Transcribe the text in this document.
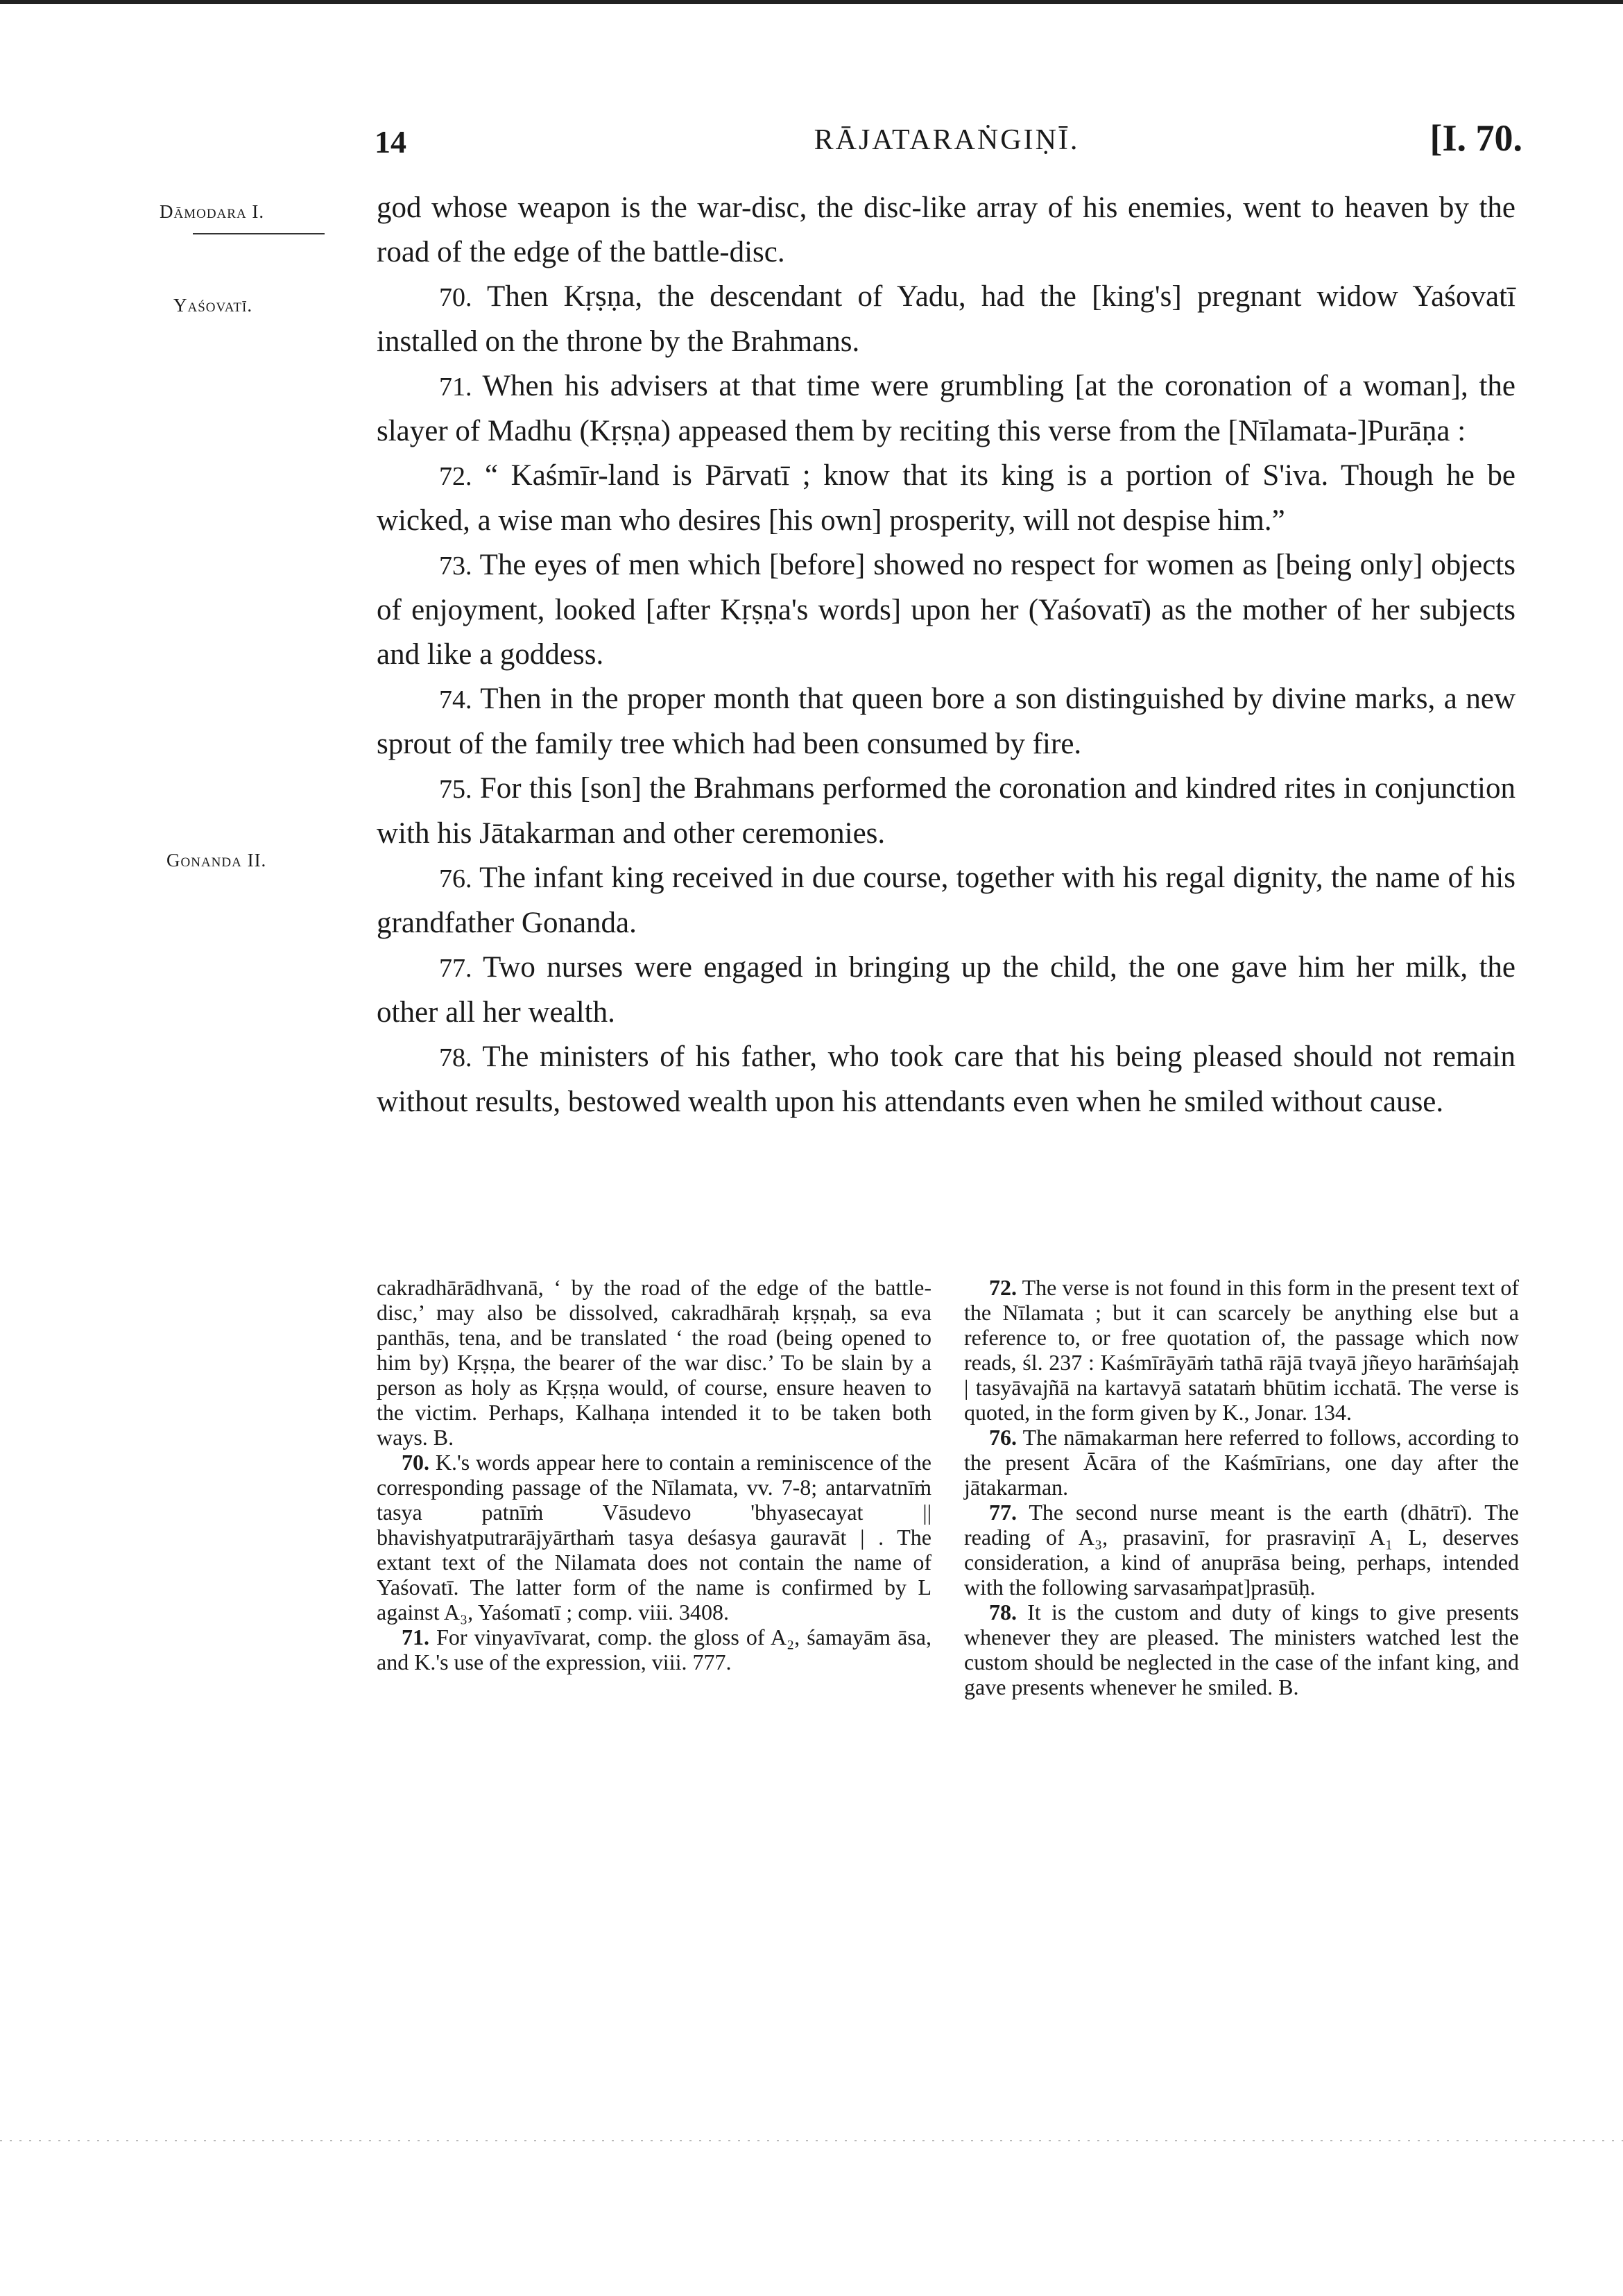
14	RĀJATARAṄGIṆĪ.	[I. 70.
Dāmodara I.
Yaśovatī.
Gonanda II.

god whose weapon is the war-disc, the disc-like array of his enemies, went to heaven by the road of the edge of the battle-disc.

70. Then Kṛṣṇa, the descendant of Yadu, had the [king's] pregnant widow Yaśovatī installed on the throne by the Brahmans.

71. When his advisers at that time were grumbling [at the coronation of a woman], the slayer of Madhu (Kṛṣṇa) appeased them by reciting this verse from the [Nīlamata-]Purāṇa :

72. “ Kaśmīr-land is Pārvatī ; know that its king is a portion of S'iva. Though he be wicked, a wise man who desires [his own] prosperity, will not despise him.”

73. The eyes of men which [before] showed no respect for women as [being only] objects of enjoyment, looked [after Kṛṣṇa's words] upon her (Yaśovatī) as the mother of her subjects and like a goddess.

74. Then in the proper month that queen bore a son distinguished by divine marks, a new sprout of the family tree which had been consumed by fire.

75. For this [son] the Brahmans performed the coronation and kindred rites in conjunction with his Jātakarman and other ceremonies.

76. The infant king received in due course, together with his regal dignity, the name of his grandfather Gonanda.

77. Two nurses were engaged in bringing up the child, the one gave him her milk, the other all her wealth.

78. The ministers of his father, who took care that his being pleased should not remain without results, bestowed wealth upon his attendants even when he smiled without cause.

cakradhārādhvanā, ‘ by the road of the edge of the battle-disc,’ may also be dissolved, cakradhāraḥ kṛṣṇaḥ, sa eva panthās, tena, and be translated ‘ the road (being opened to him by) Kṛṣṇa, the bearer of the war disc.’ To be slain by a person as holy as Kṛṣṇa would, of course, ensure heaven to the victim. Perhaps, Kalhaṇa intended it to be taken both ways. B.

70. K.'s words appear here to contain a reminiscence of the corresponding passage of the Nīlamata, vv. 7-8; antarvatnīṁ tasya patnīṁ Vāsudevo 'bhyasecayat || bhavishyatputrarājyārthaṁ tasya deśasya gauravāt | . The extant text of the Nilamata does not contain the name of Yaśovatī. The latter form of the name is confirmed by L against A₃, Yaśomatī ; comp. viii. 3408.

71. For vinyavīvarat, comp. the gloss of A₂, śamayām āsa, and K.'s use of the expression, viii. 777.

72. The verse is not found in this form in the present text of the Nīlamata ; but it can scarcely be anything else but a reference to, or free quotation of, the passage which now reads, śl. 237 : Kaśmīrāyāṁ tathā rājā tvayā jñeyo harāṁśajaḥ | tasyāvajñā na kartavyā satataṁ bhūtim icchatā. The verse is quoted, in the form given by K., Jonar. 134.

76. The nāmakarman here referred to follows, according to the present Ācāra of the Kaśmīrians, one day after the jātakarman.

77. The second nurse meant is the earth (dhātrī). The reading of A₃, prasavinī, for prasraviṇī A₁ L, deserves consideration, a kind of anuprāsa being, perhaps, intended with the following sarvasaṁpat]prasūḥ.

78. It is the custom and duty of kings to give presents whenever they are pleased. The ministers watched lest the custom should be neglected in the case of the infant king, and gave presents whenever he smiled. B.
